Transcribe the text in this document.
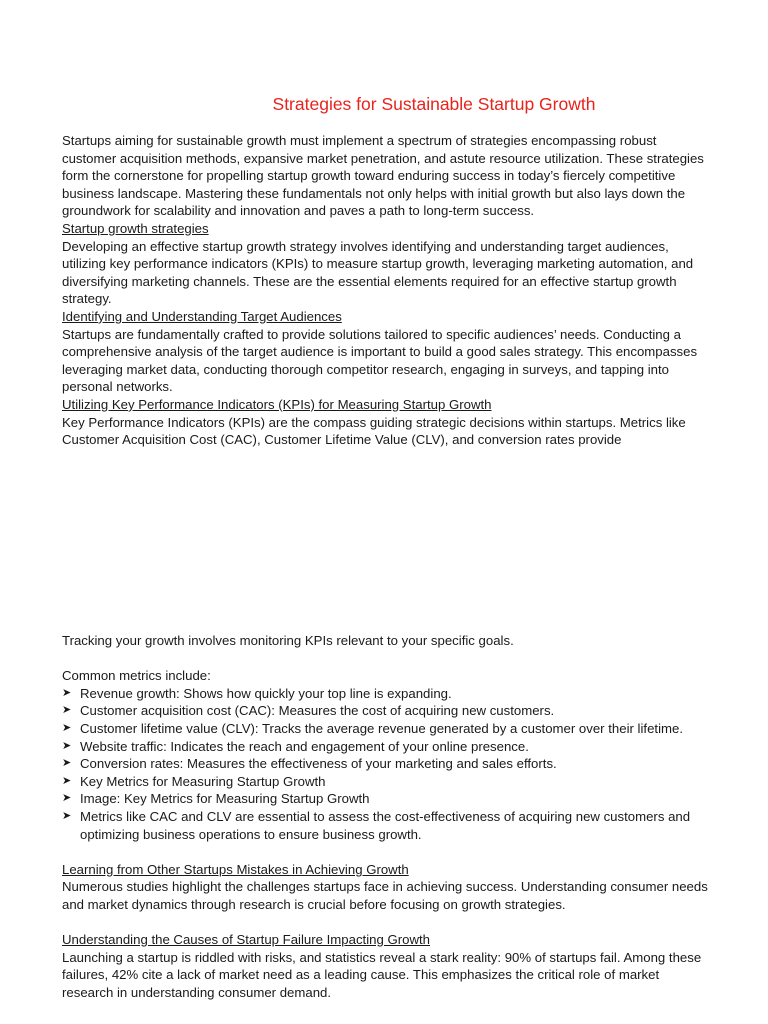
Strategies for Sustainable Startup Growth

Startups aiming for sustainable growth must implement a spectrum of strategies encompassing robust customer acquisition methods, expansive market penetration, and astute resource utilization. These strategies form the cornerstone for propelling startup growth toward enduring success in today’s fiercely competitive business landscape. Mastering these fundamentals not only helps with initial growth but also lays down the groundwork for scalability and innovation and paves a path to long-term success.

Startup growth strategies

Developing an effective startup growth strategy involves identifying and understanding target audiences, utilizing key performance indicators (KPIs) to measure startup growth, leveraging marketing automation, and diversifying marketing channels. These are the essential elements required for an effective startup growth strategy.

Identifying and Understanding Target Audiences

Startups are fundamentally crafted to provide solutions tailored to specific audiences’ needs. Conducting a comprehensive analysis of the target audience is important to build a good sales strategy. This encompasses leveraging market data, conducting thorough competitor research, engaging in surveys, and tapping into personal networks.

Utilizing Key Performance Indicators (KPIs) for Measuring Startup Growth

Key Performance Indicators (KPIs) are the compass guiding strategic decisions within startups. Metrics like Customer Acquisition Cost (CAC), Customer Lifetime Value (CLV), and conversion rates provide

Tracking your growth involves monitoring KPIs relevant to your specific goals.

Common metrics include:

➤ Revenue growth: Shows how quickly your top line is expanding.
➤ Customer acquisition cost (CAC): Measures the cost of acquiring new customers.
➤ Customer lifetime value (CLV): Tracks the average revenue generated by a customer over their lifetime.
➤ Website traffic: Indicates the reach and engagement of your online presence.
➤ Conversion rates: Measures the effectiveness of your marketing and sales efforts.
➤ Key Metrics for Measuring Startup Growth
➤ Image: Key Metrics for Measuring Startup Growth
➤ Metrics like CAC and CLV are essential to assess the cost-effectiveness of acquiring new customers and optimizing business operations to ensure business growth.

Learning from Other Startups Mistakes in Achieving Growth

Numerous studies highlight the challenges startups face in achieving success. Understanding consumer needs and market dynamics through research is crucial before focusing on growth strategies.

Understanding the Causes of Startup Failure Impacting Growth

Launching a startup is riddled with risks, and statistics reveal a stark reality: 90% of startups fail. Among these failures, 42% cite a lack of market need as a leading cause. This emphasizes the critical role of market research in understanding consumer demand.
